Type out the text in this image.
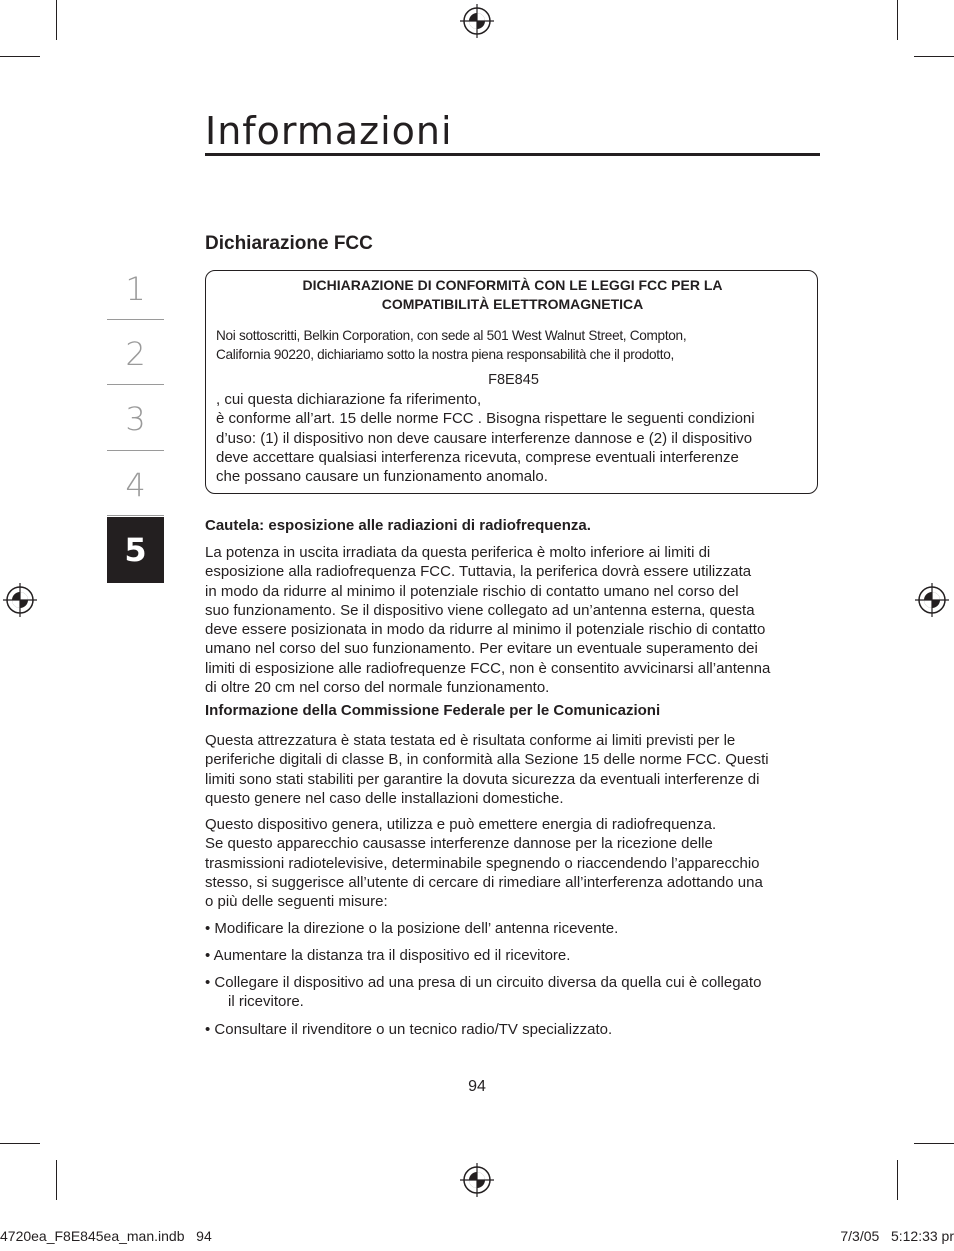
Informazioni
1
2
3
4
5
Dichiarazione FCC
DICHIARAZIONE DI CONFORMITÀ CON LE LEGGI FCC PER LA
COMPATIBILITÀ ELETTROMAGNETICA
Noi sottoscritti, Belkin Corporation, con sede al 501 West Walnut Street, Compton,
California 90220, dichiariamo sotto la nostra piena responsabilità che il prodotto,
F8E845
, cui questa dichiarazione fa riferimento,
è conforme all’art. 15 delle norme FCC . Bisogna rispettare le seguenti condizioni
d’uso: (1) il dispositivo non deve causare interferenze dannose e (2) il dispositivo
deve accettare qualsiasi interferenza ricevuta, comprese eventuali interferenze
che possano causare un funzionamento anomalo.
Cautela: esposizione alle radiazioni di radiofrequenza.
La potenza in uscita irradiata da questa periferica è molto inferiore ai limiti di
esposizione alla radiofrequenza FCC. Tuttavia, la periferica dovrà essere utilizzata
in modo da ridurre al minimo il potenziale rischio di contatto umano nel corso del
suo funzionamento. Se il dispositivo viene collegato ad un’antenna esterna, questa
deve essere posizionata in modo da ridurre al minimo il potenziale rischio di contatto
umano nel corso del suo funzionamento. Per evitare un eventuale superamento dei
limiti di esposizione alle radiofrequenze FCC, non è consentito avvicinarsi all’antenna
di oltre 20 cm nel corso del normale funzionamento.
Informazione della Commissione Federale per le Comunicazioni
Questa attrezzatura è stata testata ed è risultata conforme ai limiti previsti per le
periferiche digitali di classe B, in conformità alla Sezione 15 delle norme FCC. Questi
limiti sono stati stabiliti per garantire la dovuta sicurezza da eventuali interferenze di
questo genere nel caso delle installazioni domestiche.
Questo dispositivo genera, utilizza e può emettere energia di radiofrequenza.
Se questo apparecchio causasse interferenze dannose per la ricezione delle
trasmissioni radiotelevisive, determinabile spegnendo o riaccendendo l’apparecchio
stesso, si suggerisce all’utente di cercare di rimediare all’interferenza adottando una
o più delle seguenti misure:
• Modificare la direzione o la posizione dell’ antenna ricevente.
• Aumentare la distanza tra il dispositivo ed il ricevitore.
• Collegare il dispositivo ad una presa di un circuito diversa da quella cui è collegato
il ricevitore.
• Consultare il rivenditore o un tecnico radio/TV specializzato.
94
4720ea_F8E845ea_man.indb   94	7/3/05   5:12:33 pr
